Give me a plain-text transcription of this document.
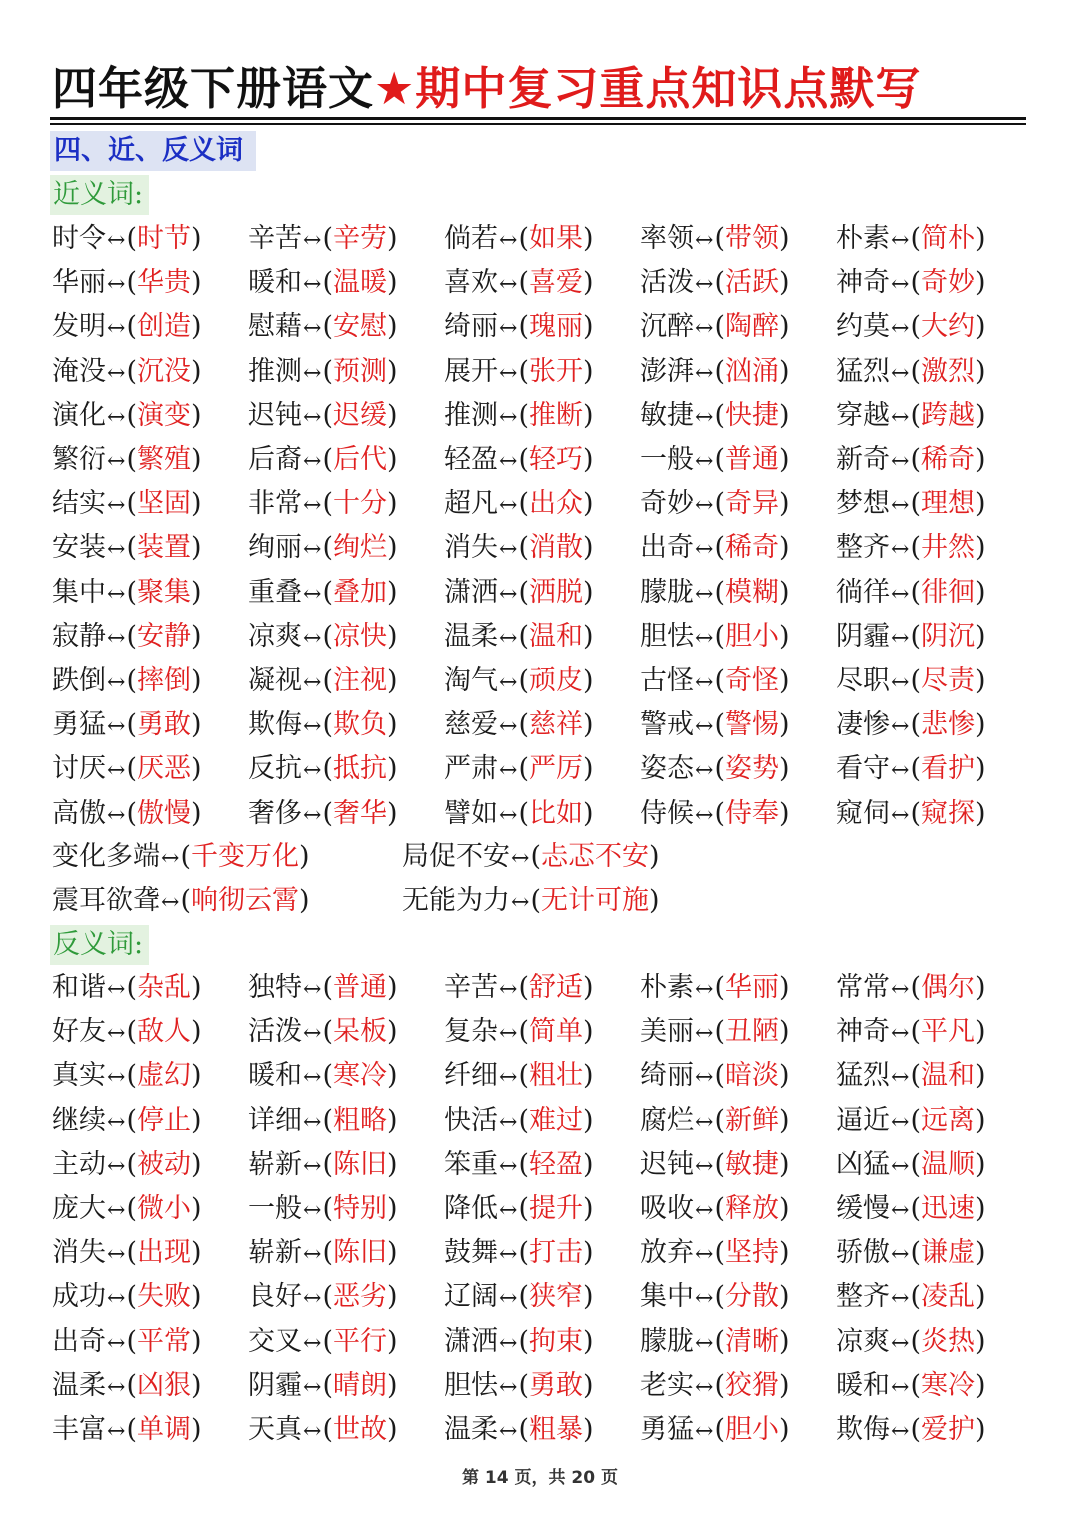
四年级下册语文★期中复习重点知识点默写
四、近、反义词
近义词:
时令↔(时节)	辛苦↔(辛劳)	倘若↔(如果)	率领↔(带领)	朴素↔(简朴)
华丽↔(华贵)	暖和↔(温暖)	喜欢↔(喜爱)	活泼↔(活跃)	神奇↔(奇妙)
发明↔(创造)	慰藉↔(安慰)	绮丽↔(瑰丽)	沉醉↔(陶醉)	约莫↔(大约)
淹没↔(沉没)	推测↔(预测)	展开↔(张开)	澎湃↔(汹涌)	猛烈↔(激烈)
演化↔(演变)	迟钝↔(迟缓)	推测↔(推断)	敏捷↔(快捷)	穿越↔(跨越)
繁衍↔(繁殖)	后裔↔(后代)	轻盈↔(轻巧)	一般↔(普通)	新奇↔(稀奇)
结实↔(坚固)	非常↔(十分)	超凡↔(出众)	奇妙↔(奇异)	梦想↔(理想)
安装↔(装置)	绚丽↔(绚烂)	消失↔(消散)	出奇↔(稀奇)	整齐↔(井然)
集中↔(聚集)	重叠↔(叠加)	潇洒↔(洒脱)	朦胧↔(模糊)	徜徉↔(徘徊)
寂静↔(安静)	凉爽↔(凉快)	温柔↔(温和)	胆怯↔(胆小)	阴霾↔(阴沉)
跌倒↔(摔倒)	凝视↔(注视)	淘气↔(顽皮)	古怪↔(奇怪)	尽职↔(尽责)
勇猛↔(勇敢)	欺侮↔(欺负)	慈爱↔(慈祥)	警戒↔(警惕)	凄惨↔(悲惨)
讨厌↔(厌恶)	反抗↔(抵抗)	严肃↔(严厉)	姿态↔(姿势)	看守↔(看护)
高傲↔(傲慢)	奢侈↔(奢华)	譬如↔(比如)	侍候↔(侍奉)	窥伺↔(窥探)
变化多端↔(千变万化)	局促不安↔(忐忑不安)
震耳欲聋↔(响彻云霄)	无能为力↔(无计可施)
反义词:
和谐↔(杂乱)	独特↔(普通)	辛苦↔(舒适)	朴素↔(华丽)	常常↔(偶尔)
好友↔(敌人)	活泼↔(呆板)	复杂↔(简单)	美丽↔(丑陋)	神奇↔(平凡)
真实↔(虚幻)	暖和↔(寒冷)	纤细↔(粗壮)	绮丽↔(暗淡)	猛烈↔(温和)
继续↔(停止)	详细↔(粗略)	快活↔(难过)	腐烂↔(新鲜)	逼近↔(远离)
主动↔(被动)	崭新↔(陈旧)	笨重↔(轻盈)	迟钝↔(敏捷)	凶猛↔(温顺)
庞大↔(微小)	一般↔(特别)	降低↔(提升)	吸收↔(释放)	缓慢↔(迅速)
消失↔(出现)	崭新↔(陈旧)	鼓舞↔(打击)	放弃↔(坚持)	骄傲↔(谦虚)
成功↔(失败)	良好↔(恶劣)	辽阔↔(狭窄)	集中↔(分散)	整齐↔(凌乱)
出奇↔(平常)	交叉↔(平行)	潇洒↔(拘束)	朦胧↔(清晰)	凉爽↔(炎热)
温柔↔(凶狠)	阴霾↔(晴朗)	胆怯↔(勇敢)	老实↔(狡猾)	暖和↔(寒冷)
丰富↔(单调)	天真↔(世故)	温柔↔(粗暴)	勇猛↔(胆小)	欺侮↔(爱护)
第 14 页，共 20 页
